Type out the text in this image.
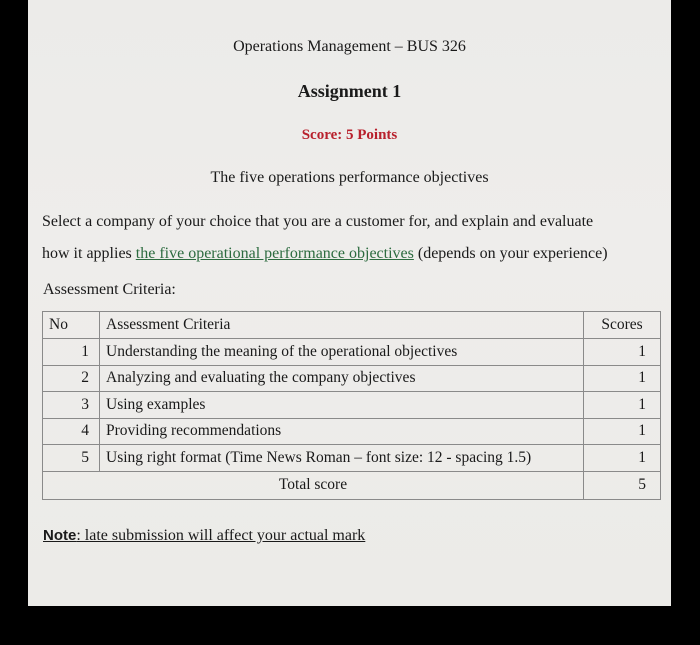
Operations Management – BUS 326
Assignment 1
Score: 5 Points
The five operations performance objectives
Select a company of your choice that you are a customer for, and explain and evaluate
how it applies the five operational performance objectives (depends on your experience)
Assessment Criteria:
No	Assessment Criteria	Scores
1	Understanding the meaning of the operational objectives	1
2	Analyzing and evaluating the company objectives	1
3	Using examples	1
4	Providing recommendations	1
5	Using right format (Time News Roman – font size: 12 - spacing 1.5)	1
Total score		5
Note: late submission will affect your actual mark
